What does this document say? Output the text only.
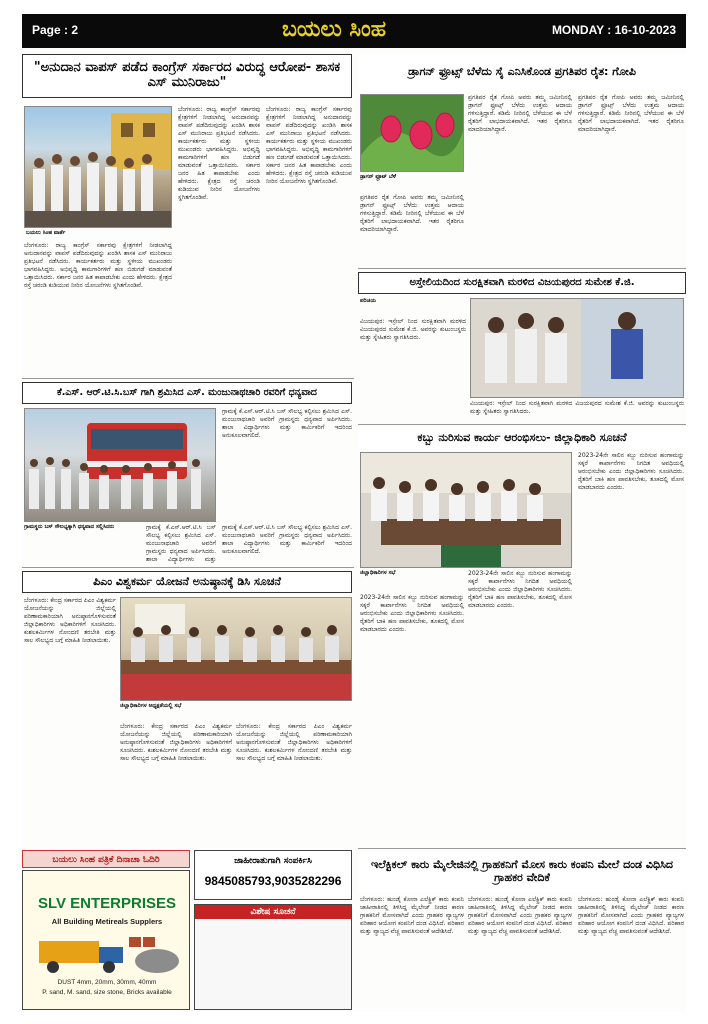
Page : 2	ಬಯಲು ಸಿಂಹ	MONDAY : 16-10-2023
"ಅನುದಾನ ವಾಪಸ್ ಪಡೆದ ಕಾಂಗ್ರೆಸ್ ಸರ್ಕಾರದ ವಿರುದ್ಧ ಆರೋಪ- ಶಾಸಕ ಎಸ್ ಮುನಿರಾಜು"
ಬಯಲು ಸಿಂಹ ವಾರ್ತೆ
ಬೆಂಗಳೂರು: ರಾಜ್ಯ ಕಾಂಗ್ರೆಸ್ ಸರ್ಕಾರವು ಕ್ಷೇತ್ರಗಳಿಗೆ ನೀಡಲಾಗಿದ್ದ ಅನುದಾನವನ್ನು ವಾಪಸ್ ಪಡೆದಿರುವುದನ್ನು ಖಂಡಿಸಿ ಶಾಸಕ ಎಸ್ ಮುನಿರಾಜು ಪ್ರತಿಭಟನೆ ನಡೆಸಿದರು. ಕಾರ್ಯಕರ್ತರು ಮತ್ತು ಸ್ಥಳೀಯ ಮುಖಂಡರು ಭಾಗವಹಿಸಿದ್ದರು. ಅಭಿವೃದ್ಧಿ ಕಾಮಗಾರಿಗಳಿಗೆ ಹಣ ಬಿಡುಗಡೆ ಮಾಡುವಂತೆ ಒತ್ತಾಯಿಸಿದರು. ಸರ್ಕಾರ ಜನರ ಹಿತ ಕಾಪಾಡಬೇಕು ಎಂದು ಹೇಳಿದರು. ಕ್ಷೇತ್ರದ ರಸ್ತೆ ಚರಂಡಿ ಕುಡಿಯುವ ನೀರಿನ ಯೋಜನೆಗಳು ಸ್ಥಗಿತಗೊಂಡಿವೆ.
ಬೆಂಗಳೂರು: ರಾಜ್ಯ ಕಾಂಗ್ರೆಸ್ ಸರ್ಕಾರವು ಕ್ಷೇತ್ರಗಳಿಗೆ ನೀಡಲಾಗಿದ್ದ ಅನುದಾನವನ್ನು ವಾಪಸ್ ಪಡೆದಿರುವುದನ್ನು ಖಂಡಿಸಿ ಶಾಸಕ ಎಸ್ ಮುನಿರಾಜು ಪ್ರತಿಭಟನೆ ನಡೆಸಿದರು. ಕಾರ್ಯಕರ್ತರು ಮತ್ತು ಸ್ಥಳೀಯ ಮುಖಂಡರು ಭಾಗವಹಿಸಿದ್ದರು. ಅಭಿವೃದ್ಧಿ ಕಾಮಗಾರಿಗಳಿಗೆ ಹಣ ಬಿಡುಗಡೆ ಮಾಡುವಂತೆ ಒತ್ತಾಯಿಸಿದರು. ಸರ್ಕಾರ ಜನರ ಹಿತ ಕಾಪಾಡಬೇಕು ಎಂದು ಹೇಳಿದರು. ಕ್ಷೇತ್ರದ ರಸ್ತೆ ಚರಂಡಿ ಕುಡಿಯುವ ನೀರಿನ ಯೋಜನೆಗಳು ಸ್ಥಗಿತಗೊಂಡಿವೆ.
ಬೆಂಗಳೂರು: ರಾಜ್ಯ ಕಾಂಗ್ರೆಸ್ ಸರ್ಕಾರವು ಕ್ಷೇತ್ರಗಳಿಗೆ ನೀಡಲಾಗಿದ್ದ ಅನುದಾನವನ್ನು ವಾಪಸ್ ಪಡೆದಿರುವುದನ್ನು ಖಂಡಿಸಿ ಶಾಸಕ ಎಸ್ ಮುನಿರಾಜು ಪ್ರತಿಭಟನೆ ನಡೆಸಿದರು. ಕಾರ್ಯಕರ್ತರು ಮತ್ತು ಸ್ಥಳೀಯ ಮುಖಂಡರು ಭಾಗವಹಿಸಿದ್ದರು. ಅಭಿವೃದ್ಧಿ ಕಾಮಗಾರಿಗಳಿಗೆ ಹಣ ಬಿಡುಗಡೆ ಮಾಡುವಂತೆ ಒತ್ತಾಯಿಸಿದರು. ಸರ್ಕಾರ ಜನರ ಹಿತ ಕಾಪಾಡಬೇಕು ಎಂದು ಹೇಳಿದರು. ಕ್ಷೇತ್ರದ ರಸ್ತೆ ಚರಂಡಿ ಕುಡಿಯುವ ನೀರಿನ ಯೋಜನೆಗಳು ಸ್ಥಗಿತಗೊಂಡಿವೆ.
ಕೆ.ಎಸ್. ಆರ್.ಟಿ.ಸಿ.ಬಸ್ ಗಾಗಿ ಶ್ರಮಿಸಿದ ಎಸ್. ಮಂಜುನಾಥಚಾರಿ ರವರಿಗೆ ಧನ್ಯವಾದ
ಗ್ರಾಮಕ್ಕೆ ಕೆ.ಎಸ್.ಆರ್.ಟಿ.ಸಿ ಬಸ್ ಸೌಲಭ್ಯ ಕಲ್ಪಿಸಲು ಶ್ರಮಿಸಿದ ಎಸ್. ಮಂಜುನಾಥಚಾರಿ ಅವರಿಗೆ ಗ್ರಾಮಸ್ಥರು ಧನ್ಯವಾದ ಅರ್ಪಿಸಿದರು. ಶಾಲಾ ವಿದ್ಯಾರ್ಥಿಗಳು ಮತ್ತು ಕಾರ್ಮಿಕರಿಗೆ ಇದರಿಂದ ಅನುಕೂಲವಾಗಲಿದೆ.
ಗ್ರಾಮಸ್ಥರು ಬಸ್ ಸೌಲಭ್ಯಕ್ಕಾಗಿ ಧನ್ಯವಾದ ಸಲ್ಲಿಸಿದರು	ಗ್ರಾಮಕ್ಕೆ ಕೆ.ಎಸ್.ಆರ್.ಟಿ.ಸಿ ಬಸ್ ಸೌಲಭ್ಯ ಕಲ್ಪಿಸಲು ಶ್ರಮಿಸಿದ ಎಸ್. ಮಂಜುನಾಥಚಾರಿ ಅವರಿಗೆ ಗ್ರಾಮಸ್ಥರು ಧನ್ಯವಾದ ಅರ್ಪಿಸಿದರು. ಶಾಲಾ ವಿದ್ಯಾರ್ಥಿಗಳು ಮತ್ತು
ಗ್ರಾಮಕ್ಕೆ ಕೆ.ಎಸ್.ಆರ್.ಟಿ.ಸಿ ಬಸ್ ಸೌಲಭ್ಯ ಕಲ್ಪಿಸಲು ಶ್ರಮಿಸಿದ ಎಸ್. ಮಂಜುನಾಥಚಾರಿ ಅವರಿಗೆ ಗ್ರಾಮಸ್ಥರು ಧನ್ಯವಾದ ಅರ್ಪಿಸಿದರು. ಶಾಲಾ ವಿದ್ಯಾರ್ಥಿಗಳು ಮತ್ತು ಕಾರ್ಮಿಕರಿಗೆ ಇದರಿಂದ ಅನುಕೂಲವಾಗಲಿದೆ.
ಪಿಎಂ ವಿಶ್ವಕರ್ಮ ಯೋಜನೆ ಅನುಷ್ಠಾನಕ್ಕೆ ಡಿಸಿ ಸೂಚನೆ
ಬೆಂಗಳೂರು: ಕೇಂದ್ರ ಸರ್ಕಾರದ ಪಿಎಂ ವಿಶ್ವಕರ್ಮ ಯೋಜನೆಯನ್ನು ಜಿಲ್ಲೆಯಲ್ಲಿ ಪರಿಣಾಮಕಾರಿಯಾಗಿ ಅನುಷ್ಠಾನಗೊಳಿಸುವಂತೆ ಜಿಲ್ಲಾಧಿಕಾರಿಗಳು ಅಧಿಕಾರಿಗಳಿಗೆ ಸೂಚಿಸಿದರು. ಕುಶಲಕರ್ಮಿಗಳ ನೋಂದಣಿ ತರಬೇತಿ ಮತ್ತು ಸಾಲ ಸೌಲಭ್ಯದ ಬಗ್ಗೆ ಮಾಹಿತಿ ನೀಡಲಾಯಿತು.
ಜಿಲ್ಲಾಧಿಕಾರಿಗಳ ಅಧ್ಯಕ್ಷತೆಯಲ್ಲಿ ಸಭೆ
ಬೆಂಗಳೂರು: ಕೇಂದ್ರ ಸರ್ಕಾರದ ಪಿಎಂ ವಿಶ್ವಕರ್ಮ ಯೋಜನೆಯನ್ನು ಜಿಲ್ಲೆಯಲ್ಲಿ ಪರಿಣಾಮಕಾರಿಯಾಗಿ ಅನುಷ್ಠಾನಗೊಳಿಸುವಂತೆ ಜಿಲ್ಲಾಧಿಕಾರಿಗಳು ಅಧಿಕಾರಿಗಳಿಗೆ ಸೂಚಿಸಿದರು. ಕುಶಲಕರ್ಮಿಗಳ ನೋಂದಣಿ ತರಬೇತಿ ಮತ್ತು ಸಾಲ ಸೌಲಭ್ಯದ ಬಗ್ಗೆ ಮಾಹಿತಿ ನೀಡಲಾಯಿತು.
ಬೆಂಗಳೂರು: ಕೇಂದ್ರ ಸರ್ಕಾರದ ಪಿಎಂ ವಿಶ್ವಕರ್ಮ ಯೋಜನೆಯನ್ನು ಜಿಲ್ಲೆಯಲ್ಲಿ ಪರಿಣಾಮಕಾರಿಯಾಗಿ ಅನುಷ್ಠಾನಗೊಳಿಸುವಂತೆ ಜಿಲ್ಲಾಧಿಕಾರಿಗಳು ಅಧಿಕಾರಿಗಳಿಗೆ ಸೂಚಿಸಿದರು. ಕುಶಲಕರ್ಮಿಗಳ ನೋಂದಣಿ ತರಬೇತಿ ಮತ್ತು ಸಾಲ ಸೌಲಭ್ಯದ ಬಗ್ಗೆ ಮಾಹಿತಿ ನೀಡಲಾಯಿತು.
ಬಯಲು ಸಿಂಹ ಪತ್ರಿಕೆ ದಿನಾಚಾ ಓದಿರಿ
SLV ENTERPRISES
All Building Metireals Supplers
DUST 4mm, 20mm, 30mm, 40mm
P. sand, M. sand, size stone, Bricks available
ಜಾಹೀರಾತುಗಾಗಿ ಸಂಪರ್ಕಿಸಿ
9845085793,9035282296
ವಿಶೇಷ ಸೂಚನೆ
ಡ್ರಾಗನ್ ಫ್ರೂಟ್ಸ್ ಬೆಳೆದು ಸೈ ಎನಿಸಿಕೊಂಡ ಪ್ರಗತಿಪರ ರೈತ: ಗೋಪಿ
ಡ್ರಾಗನ್ ಫ್ರೂಟ್ ಬೆಳೆ
ಪ್ರಗತಿಪರ ರೈತ ಗೋಪಿ ಅವರು ತಮ್ಮ ಜಮೀನಿನಲ್ಲಿ ಡ್ರಾಗನ್ ಫ್ರೂಟ್ಸ್ ಬೆಳೆದು ಉತ್ತಮ ಆದಾಯ ಗಳಿಸುತ್ತಿದ್ದಾರೆ. ಕಡಿಮೆ ನೀರಿನಲ್ಲಿ ಬೆಳೆಯುವ ಈ ಬೆಳೆ ರೈತರಿಗೆ ಲಾಭದಾಯಕವಾಗಿದೆ. ಇತರ ರೈತರಿಗೂ ಮಾದರಿಯಾಗಿದ್ದಾರೆ.
ಪ್ರಗತಿಪರ ರೈತ ಗೋಪಿ ಅವರು ತಮ್ಮ ಜಮೀನಿನಲ್ಲಿ ಡ್ರಾಗನ್ ಫ್ರೂಟ್ಸ್ ಬೆಳೆದು ಉತ್ತಮ ಆದಾಯ ಗಳಿಸುತ್ತಿದ್ದಾರೆ. ಕಡಿಮೆ ನೀರಿನಲ್ಲಿ ಬೆಳೆಯುವ ಈ ಬೆಳೆ ರೈತರಿಗೆ ಲಾಭದಾಯಕವಾಗಿದೆ. ಇತರ ರೈತರಿಗೂ ಮಾದರಿಯಾಗಿದ್ದಾರೆ.
ಪ್ರಗತಿಪರ ರೈತ ಗೋಪಿ ಅವರು ತಮ್ಮ ಜಮೀನಿನಲ್ಲಿ ಡ್ರಾಗನ್ ಫ್ರೂಟ್ಸ್ ಬೆಳೆದು ಉತ್ತಮ ಆದಾಯ ಗಳಿಸುತ್ತಿದ್ದಾರೆ. ಕಡಿಮೆ ನೀರಿನಲ್ಲಿ ಬೆಳೆಯುವ ಈ ಬೆಳೆ ರೈತರಿಗೆ ಲಾಭದಾಯಕವಾಗಿದೆ. ಇತರ ರೈತರಿಗೂ ಮಾದರಿಯಾಗಿದ್ದಾರೆ.
ಅಸ್ತೇಲಿಯದಿಂದ ಸುರಕ್ಷಿತವಾಗಿ ಮರಳಿದ ವಿಜಯಪುರದ ಸುಮೇಶ ಕೆ.ಜಿ.
ಪರಿಚಯ
ವಿಜಯಪುರ: ಇಸ್ರೇಲ್ ನಿಂದ ಸುರಕ್ಷಿತವಾಗಿ ಮರಳಿದ ವಿಜಯಪುರದ ಸುಮೇಶ ಕೆ.ಜಿ. ಅವರನ್ನು ಕುಟುಂಬಸ್ಥರು ಮತ್ತು ಸ್ನೇಹಿತರು ಸ್ವಾಗತಿಸಿದರು.
ವಿಜಯಪುರ: ಇಸ್ರೇಲ್ ನಿಂದ ಸುರಕ್ಷಿತವಾಗಿ ಮರಳಿದ ವಿಜಯಪುರದ ಸುಮೇಶ ಕೆ.ಜಿ. ಅವರನ್ನು ಕುಟುಂಬಸ್ಥರು ಮತ್ತು ಸ್ನೇಹಿತರು ಸ್ವಾಗತಿಸಿದರು.
ಕಬ್ಬು ನುರಿಸುವ ಕಾರ್ಯ ಆರಂಭಿಸಲು- ಜಿಲ್ಲಾಧಿಕಾರಿ ಸೂಚನೆ
ಜಿಲ್ಲಾಧಿಕಾರಿಗಳ ಸಭೆ
2023-24ನೇ ಸಾಲಿನ ಕಬ್ಬು ನುರಿಸುವ ಹಂಗಾಮನ್ನು ಸಕ್ಕರೆ ಕಾರ್ಖಾನೆಗಳು ನಿಗದಿತ ಅವಧಿಯಲ್ಲಿ ಆರಂಭಿಸಬೇಕು ಎಂದು ಜಿಲ್ಲಾಧಿಕಾರಿಗಳು ಸೂಚಿಸಿದರು. ರೈತರಿಗೆ ಬಾಕಿ ಹಣ ಪಾವತಿಸಬೇಕು, ತೂಕದಲ್ಲಿ ಮೋಸ ಮಾಡಬಾರದು ಎಂದರು.
2023-24ನೇ ಸಾಲಿನ ಕಬ್ಬು ನುರಿಸುವ ಹಂಗಾಮನ್ನು ಸಕ್ಕರೆ ಕಾರ್ಖಾನೆಗಳು ನಿಗದಿತ ಅವಧಿಯಲ್ಲಿ ಆರಂಭಿಸಬೇಕು ಎಂದು ಜಿಲ್ಲಾಧಿಕಾರಿಗಳು ಸೂಚಿಸಿದರು. ರೈತರಿಗೆ ಬಾಕಿ ಹಣ ಪಾವತಿಸಬೇಕು, ತೂಕದಲ್ಲಿ ಮೋಸ ಮಾಡಬಾರದು ಎಂದರು.
2023-24ನೇ ಸಾಲಿನ ಕಬ್ಬು ನುರಿಸುವ ಹಂಗಾಮನ್ನು ಸಕ್ಕರೆ ಕಾರ್ಖಾನೆಗಳು ನಿಗದಿತ ಅವಧಿಯಲ್ಲಿ ಆರಂಭಿಸಬೇಕು ಎಂದು ಜಿಲ್ಲಾಧಿಕಾರಿಗಳು ಸೂಚಿಸಿದರು. ರೈತರಿಗೆ ಬಾಕಿ ಹಣ ಪಾವತಿಸಬೇಕು, ತೂಕದಲ್ಲಿ ಮೋಸ ಮಾಡಬಾರದು ಎಂದರು.
ಇಲೆಕ್ಟಿಕಲ್ ಕಾರು ಮೈಲೇಜಿನಲ್ಲಿ ಗ್ರಾಹಕನಿಗೆ ಮೋಸ ಕಾರು ಕಂಪನಿ ಮೇಲೆ ದಂಡ ವಿಧಿಸಿದ ಗ್ರಾಹಕರ ವೇದಿಕೆ
ಬೆಂಗಳೂರು: ಹುಂಡೈ ಕೋನಾ ಎಲೆಕ್ಟ್ರಿಕ್ ಕಾರು ಕಂಪನಿ ಜಾಹೀರಾತಿನಲ್ಲಿ ತಿಳಿಸಿದ್ದ ಮೈಲೇಜ್ ನೀಡದ ಕಾರಣ ಗ್ರಾಹಕನಿಗೆ ಮೋಸವಾಗಿದೆ ಎಂದು ಗ್ರಾಹಕರ ವ್ಯಾಜ್ಯಗಳ ಪರಿಹಾರ ಆಯೋಗ ಕಂಪನಿಗೆ ದಂಡ ವಿಧಿಸಿದೆ. ಪರಿಹಾರ ಮತ್ತು ವ್ಯಾಜ್ಯದ ವೆಚ್ಚ ಪಾವತಿಸುವಂತೆ ಆದೇಶಿಸಿದೆ.
ಬೆಂಗಳೂರು: ಹುಂಡೈ ಕೋನಾ ಎಲೆಕ್ಟ್ರಿಕ್ ಕಾರು ಕಂಪನಿ ಜಾಹೀರಾತಿನಲ್ಲಿ ತಿಳಿಸಿದ್ದ ಮೈಲೇಜ್ ನೀಡದ ಕಾರಣ ಗ್ರಾಹಕನಿಗೆ ಮೋಸವಾಗಿದೆ ಎಂದು ಗ್ರಾಹಕರ ವ್ಯಾಜ್ಯಗಳ ಪರಿಹಾರ ಆಯೋಗ ಕಂಪನಿಗೆ ದಂಡ ವಿಧಿಸಿದೆ. ಪರಿಹಾರ ಮತ್ತು ವ್ಯಾಜ್ಯದ ವೆಚ್ಚ ಪಾವತಿಸುವಂತೆ ಆದೇಶಿಸಿದೆ.
ಬೆಂಗಳೂರು: ಹುಂಡೈ ಕೋನಾ ಎಲೆಕ್ಟ್ರಿಕ್ ಕಾರು ಕಂಪನಿ ಜಾಹೀರಾತಿನಲ್ಲಿ ತಿಳಿಸಿದ್ದ ಮೈಲೇಜ್ ನೀಡದ ಕಾರಣ ಗ್ರಾಹಕನಿಗೆ ಮೋಸವಾಗಿದೆ ಎಂದು ಗ್ರಾಹಕರ ವ್ಯಾಜ್ಯಗಳ ಪರಿಹಾರ ಆಯೋಗ ಕಂಪನಿಗೆ ದಂಡ ವಿಧಿಸಿದೆ. ಪರಿಹಾರ ಮತ್ತು ವ್ಯಾಜ್ಯದ ವೆಚ್ಚ ಪಾವತಿಸುವಂತೆ ಆದೇಶಿಸಿದೆ.
